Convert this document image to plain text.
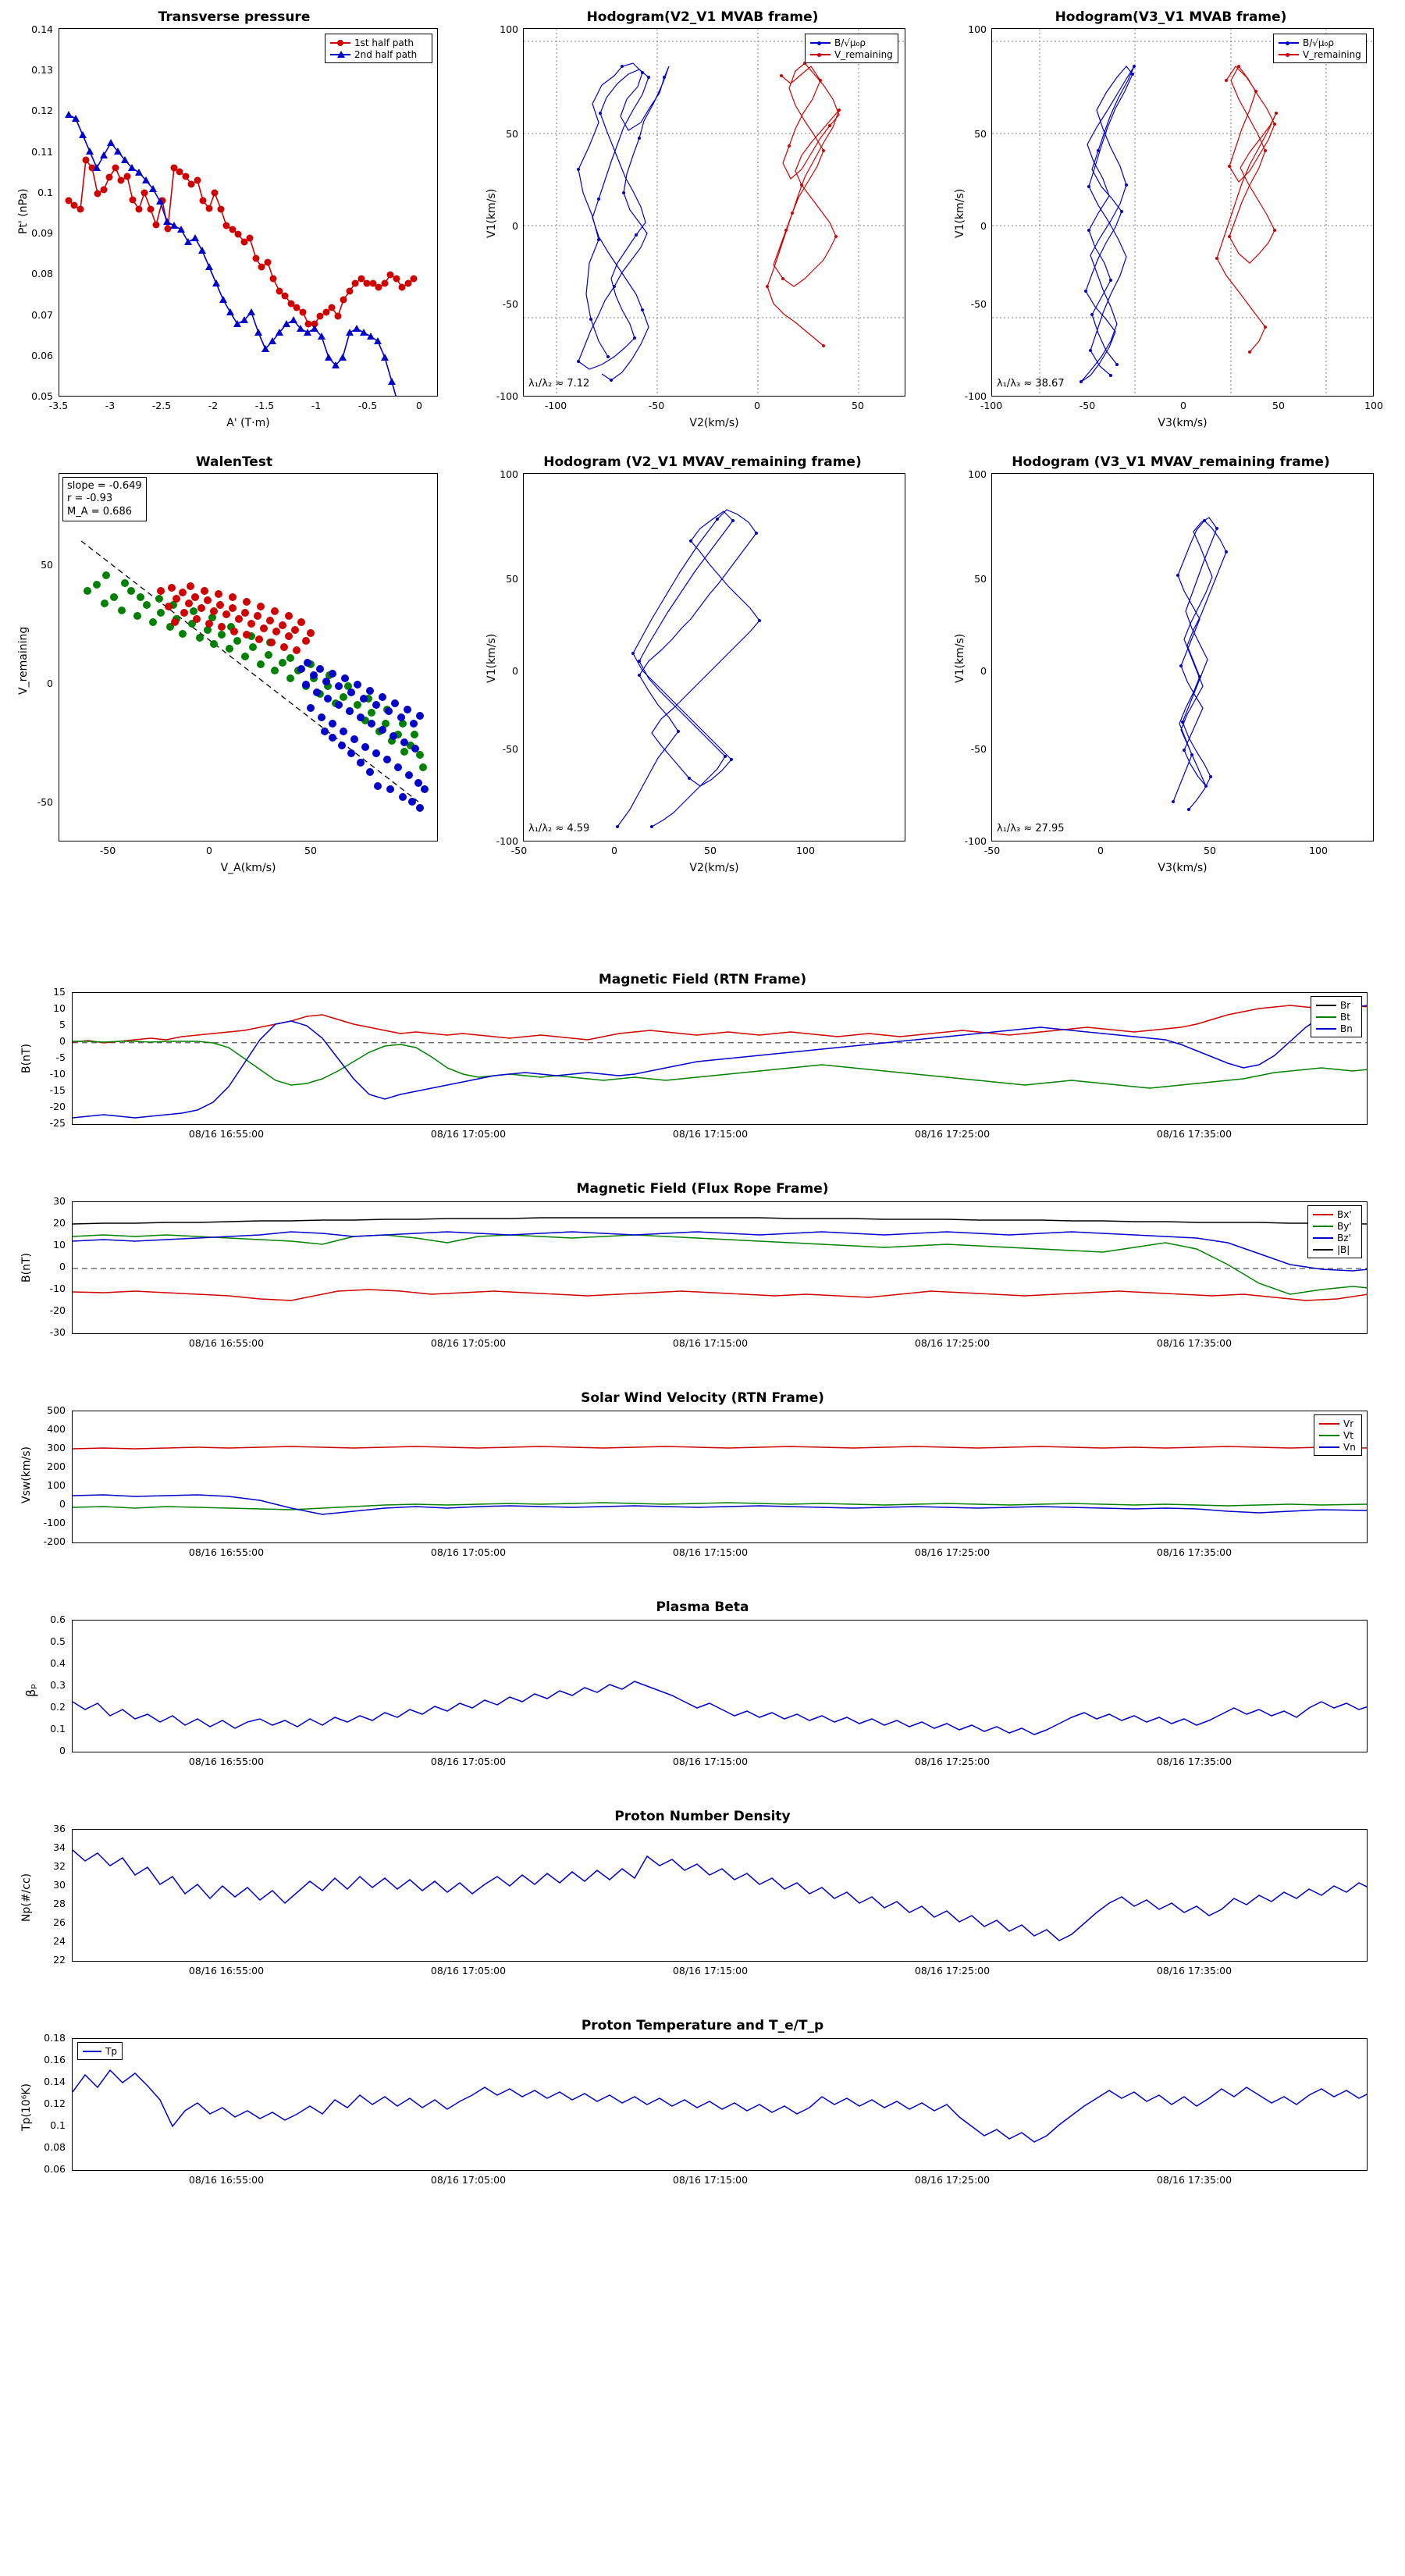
Transverse pressure
1st half path
2nd half path
Pt' (nPa)
A' (T·m)
0.05
0.06
0.07
0.08
0.09
0.1
0.11
0.12
0.13
0.14
-3.5	-3	-2.5	-2	-1.5	-1	-0.5	0
Hodogram(V2_V1 MVAB frame)
B/√μ₀ρ
V_remaining
λ₁/λ₂ ≈ 7.12
V1(km/s)
V2(km/s)
-100
-50
0
50
100
-100	-50	0	50
Hodogram(V3_V1 MVAB frame)
B/√μ₀ρ
V_remaining
λ₁/λ₃ ≈ 38.67
V1(km/s)
V3(km/s)
-100
-50
0
50
100
-100	-50	0	50	100
WalenTest
slope = -0.649
r = -0.93
M_A = 0.686
V_remaining
V_A(km/s)
-50
0
50
-50	0	50
Hodogram (V2_V1 MVAV_remaining frame)
λ₁/λ₂ ≈ 4.59
V1(km/s)
V2(km/s)
-100
-50
0
50
100
-50	0	50	100
Hodogram (V3_V1 MVAV_remaining frame)
λ₁/λ₃ ≈ 27.95
V1(km/s)
V3(km/s)
-100
-50
0
50
100
-50	0	50	100
Magnetic Field (RTN Frame)
Br
Bt
Bn
B(nT)
-25
-20
-15
-10
-5
0
5
10
15
08/16 16:55:00	08/16 17:05:00	08/16 17:15:00	08/16 17:25:00	08/16 17:35:00
Magnetic Field (Flux Rope Frame)
Bx'
By'
Bz'
|B|
B(nT)
-30
-20
-10
0
10
20
30
08/16 16:55:00	08/16 17:05:00	08/16 17:15:00	08/16 17:25:00	08/16 17:35:00
Solar Wind Velocity (RTN Frame)
Vr
Vt
Vn
Vsw(km/s)
-200
-100
0
100
200
300
400
500
08/16 16:55:00	08/16 17:05:00	08/16 17:15:00	08/16 17:25:00	08/16 17:35:00
Plasma Beta
βₚ
0
0.1
0.2
0.3
0.4
0.5
0.6
08/16 16:55:00	08/16 17:05:00	08/16 17:15:00	08/16 17:25:00	08/16 17:35:00
Proton Number Density
Np(#/cc)
22
24
26
28
30
32
34
36
08/16 16:55:00	08/16 17:05:00	08/16 17:15:00	08/16 17:25:00	08/16 17:35:00
Proton Temperature and T_e/T_p
Tp
Tp(10⁶K)
0.06
0.08
0.1
0.12
0.14
0.16
0.18
08/16 16:55:00	08/16 17:05:00	08/16 17:15:00	08/16 17:25:00	08/16 17:35:00
